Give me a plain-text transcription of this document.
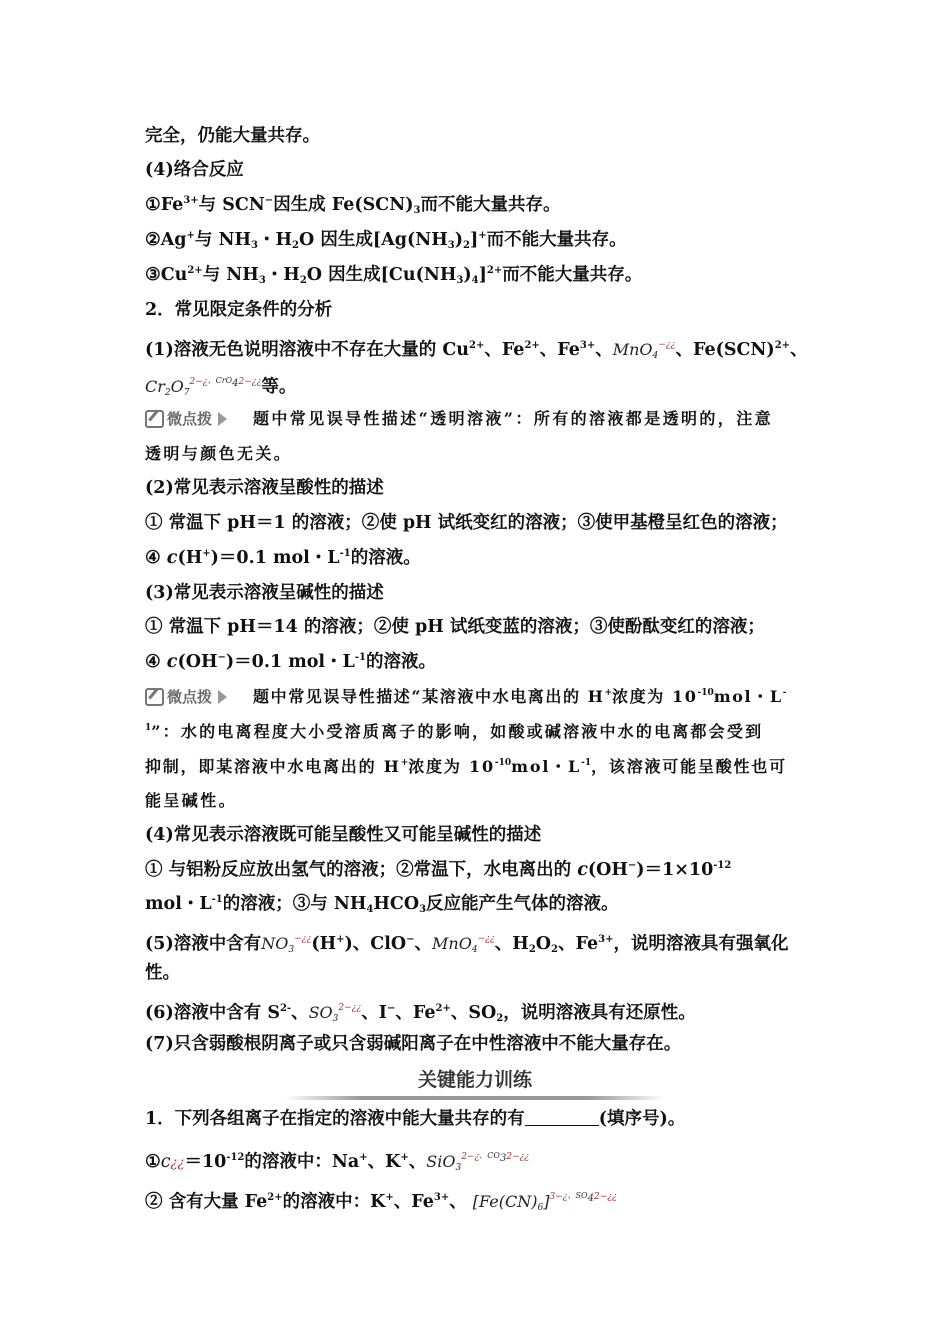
完全，仍能大量共存。
(4)络合反应
$①Fe^{3+}$与 SCN−因生成 $Fe(SCN)_3$而不能大量共存。
②Ag+与 $NH_3$・$H_2O$ 因生成$[Ag(NH_3)_2]^+$而不能大量共存。
$③Cu^{2+}$与 $NH_3$・$H_2O$ 因生成$[Cu(NH_3)_4]^{2+}$而不能大量共存。
2．常见限定条件的分析
(1)溶液无色说明溶液中不存在大量的 $Cu^{2+}$、$Fe^{2+}$、$Fe^{3+}$、MnO$_4$−¿¿、Fe(SCN)$^{2+}$、
$Cr_2O_7^{2-¿、CrO_42-¿¿}$等。
微点拨	题中常见误导性描述“透明溶液”：所有的溶液都是透明的，注意
透明与颜色无关。
(2)常见表示溶液呈酸性的描述
① 常温下 pH＝1 的溶液；②使 pH 试纸变红的溶液；③使甲基橙呈红色的溶液；
④ c(H+)＝0.1 mol・$L^{-1}$的溶液。
(3)常见表示溶液呈碱性的描述
① 常温下 pH＝14 的溶液；②使 pH 试纸变蓝的溶液；③使酚酞变红的溶液；
④ c(OH−)＝0.1 mol・$L^{-1}$的溶液。
微点拨	题中常见误导性描述“某溶液中水电离出的 H+浓度为 $10^{-10}mol$・L-
$^1$”：水的电离程度大小受溶质离子的影响，如酸或碱溶液中水的电离都会受到
抑制，即某溶液中水电离出的 H+浓度为 $10^{-10}mol$・$L^{-1}$，该溶液可能呈酸性也可
能呈碱性。
(4)常见表示溶液既可能呈酸性又可能呈碱性的描述
① 与铝粉反应放出氢气的溶液；②常温下，水电离出的 $c(OH^-)=1\times 10^{-12}$
mol・$L^{-1}$的溶液；③与 $NH_4HCO_3$反应能产生气体的溶液。
(5)溶液中含有$NO_3^{-¿¿}(H^+)$、ClO−、MnO$_4$−¿¿、$H_2O_2$、$Fe^{3+}$，说明溶液具有强氧化
性。
(6)溶液中含有 $S^{2-}$、$SO_3^{2-¿¿}$、I−、$Fe^{2+}$、$SO_2$，说明溶液具有还原性。
(7)只含弱酸根阴离子或只含弱碱阳离子在中性溶液中不能大量存在。
关键能力训练
1．下列各组离子在指定的溶液中能大量共存的有	(填序号)。
$①c¿¿=10^{-12}$的溶液中：Na+、K+、SiO$_3^{2-¿、CO_32-¿¿}$
② 含有大量 $Fe^{2+}$的溶液中：K+、$Fe^{3+}$、 $[Fe(CN)_6]^{3-¿、SO_42-¿¿}$
